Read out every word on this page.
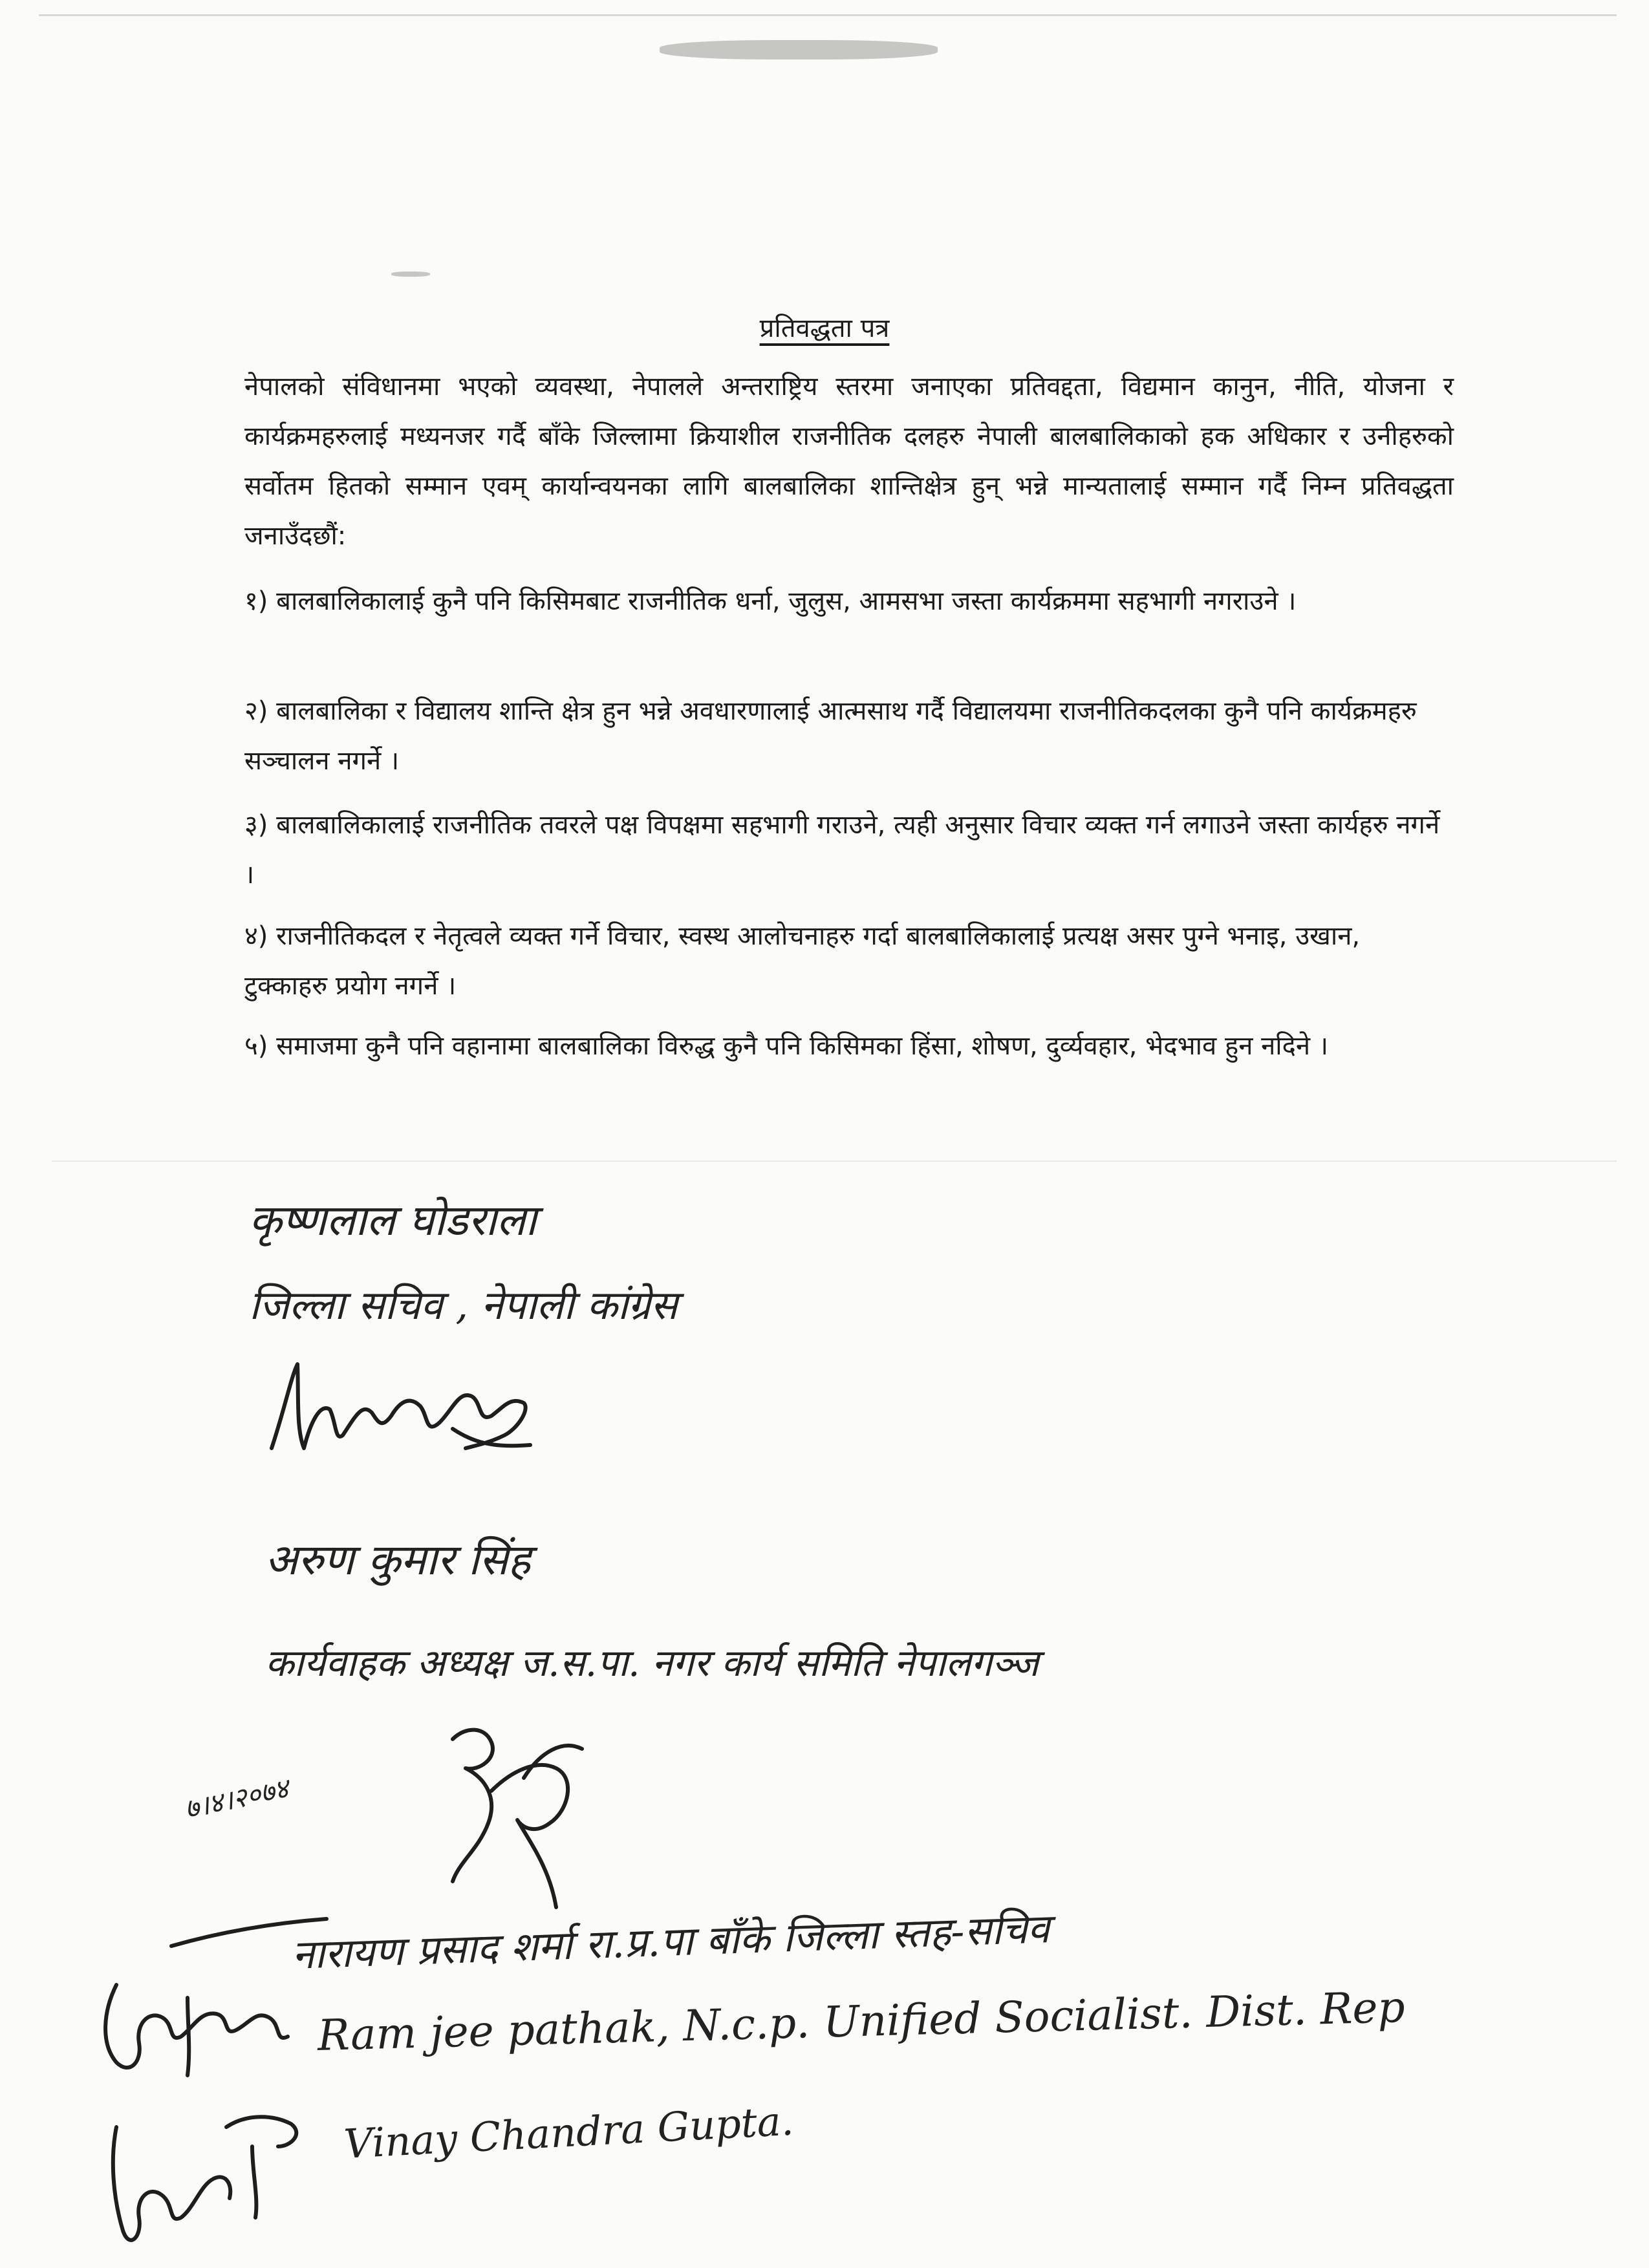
प्रतिवद्धता पत्र

नेपालको संविधानमा भएको व्यवस्था, नेपालले अन्तराष्ट्रिय स्तरमा जनाएका प्रतिवद्दता, विद्यमान कानुन, नीति, योजना र कार्यक्रमहरुलाई मध्यनजर गर्दै बाँके जिल्लामा क्रियाशील राजनीतिक दलहरु नेपाली बालबालिकाको हक अधिकार र उनीहरुको सर्वोतम हितको सम्मान एवम् कार्यान्वयनका लागि बालबालिका शान्तिक्षेत्र हुन् भन्ने मान्यतालाई सम्मान गर्दै निम्न प्रतिवद्धता जनाउँदछौं:

१) बालबालिकालाई कुनै पनि किसिमबाट राजनीतिक धर्ना, जुलुस, आमसभा जस्ता कार्यक्रममा सहभागी नगराउने ।

२) बालबालिका र विद्यालय शान्ति क्षेत्र हुन भन्ने अवधारणालाई आत्मसाथ गर्दै विद्यालयमा राजनीतिकदलका कुनै पनि कार्यक्रमहरु सञ्चालन नगर्ने ।

३) बालबालिकालाई राजनीतिक तवरले पक्ष विपक्षमा सहभागी गराउने, त्यही अनुसार विचार व्यक्त गर्न लगाउने जस्ता कार्यहरु नगर्ने ।

४) राजनीतिकदल र नेतृत्वले व्यक्त गर्ने विचार, स्वस्थ आलोचनाहरु गर्दा बालबालिकालाई प्रत्यक्ष असर पुग्ने भनाइ, उखान, टुक्काहरु प्रयोग नगर्ने ।

५) समाजमा कुनै पनि वहानामा बालबालिका विरुद्ध कुनै पनि किसिमका हिंसा, शोषण, दुर्व्यवहार, भेदभाव हुन नदिने ।

कृष्णलाल घोडराला

जिल्ला सचिव , नेपाली कांग्रेस

अरुण कुमार सिंह

कार्यवाहक अध्यक्ष ज.स.पा. नगर कार्य समिति नेपालगञ्ज

७।४।२०७४

नारायण प्रसाद शर्मा रा.प्र.पा बाँके जिल्ला स्तह-सचिव

Ram jee pathak, N.c.p. Unified Socialist. Dist. Rep

Vinay Chandra Gupta.
